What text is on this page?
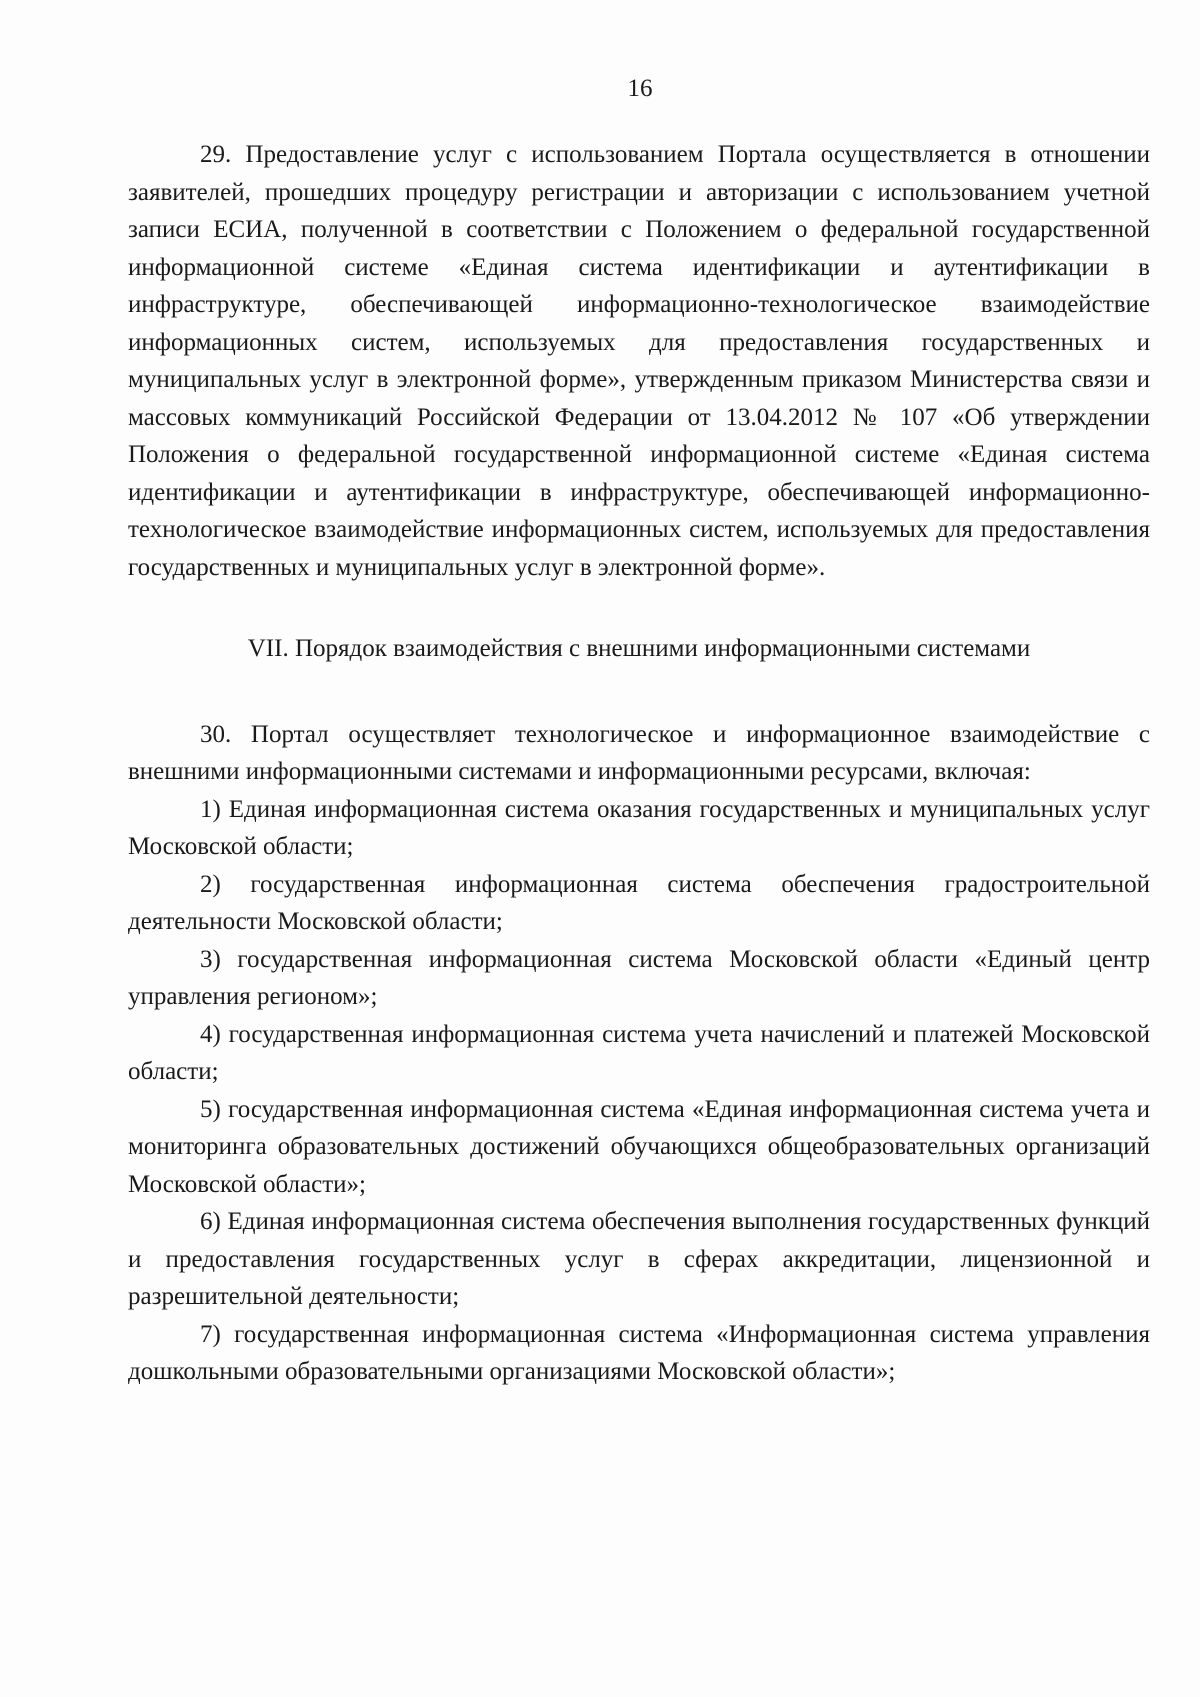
16

29. Предоставление услуг с использованием Портала осуществляется в отношении заявителей, прошедших процедуру регистрации и авторизации с использованием учетной записи ЕСИА, полученной в соответствии с Положением о федеральной государственной информационной системе «Единая система идентификации и аутентификации в инфраструктуре, обеспечивающей информационно-технологическое взаимодействие информационных систем, используемых для предоставления государственных и муниципальных услуг в электронной форме», утвержденным приказом Министерства связи и массовых коммуникаций Российской Федерации от 13.04.2012 № 107 «Об утверждении Положения о федеральной государственной информационной системе «Единая система идентификации и аутентификации в инфраструктуре, обеспечивающей информационно-технологическое взаимодействие информационных систем, используемых для предоставления государственных и муниципальных услуг в электронной форме».

VII. Порядок взаимодействия с внешними информационными системами

30. Портал осуществляет технологическое и информационное взаимодействие с внешними информационными системами и информационными ресурсами, включая:

1) Единая информационная система оказания государственных и муниципальных услуг Московской области;

2) государственная информационная система обеспечения градостроительной деятельности Московской области;

3) государственная информационная система Московской области «Единый центр управления регионом»;

4) государственная информационная система учета начислений и платежей Московской области;

5) государственная информационная система «Единая информационная система учета и мониторинга образовательных достижений обучающихся общеобразовательных организаций Московской области»;

6) Единая информационная система обеспечения выполнения государственных функций и предоставления государственных услуг в сферах аккредитации, лицензионной и разрешительной деятельности;

7) государственная информационная система «Информационная система управления дошкольными образовательными организациями Московской области»;
